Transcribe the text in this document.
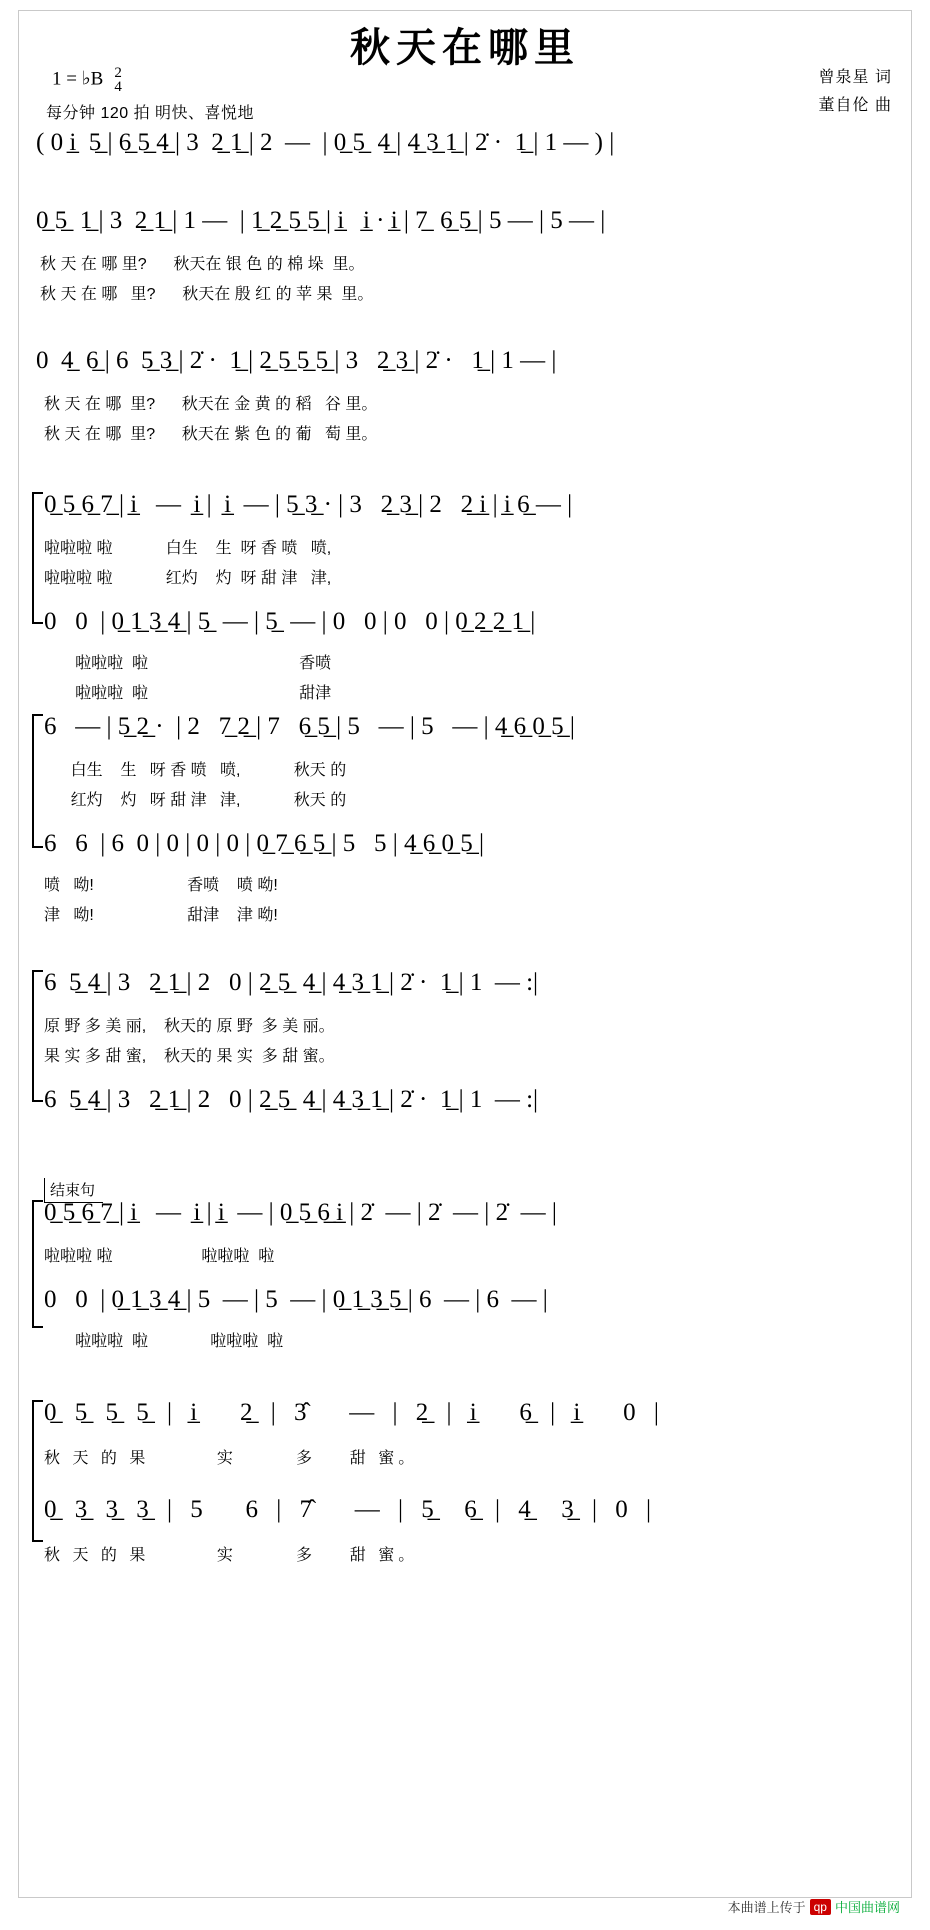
秋天在哪里
1 = ♭B 2
4
每分钟 120 拍 明快、喜悦地
曾泉星 词
董自伦 曲
( 0 i̲  5̲ | 6̲ 5̲ 4̲ | 3  2̲ 1̲ | 2  —  | 0̲ 5̲  4̲ | 4̲ 3̲ 1̲ | 2̇ ·  1̲ | 1 — ) |
0̲ 5̲  1̲ | 3  2̲ 1̲ | 1 —  | 1̲ 2̲ 5̲ 5̲ | i̲   i̲ · i̲ | 7̲  6̲ 5̲ | 5 — | 5 — |
秋 天 在 哪 里?      秋天在 银 色 的 棉 垛  里。
秋 天 在 哪   里?      秋天在 殷 红 的 苹 果  里。
0  4̲  6̲ | 6  5̲ 3̲ | 2̇ ·  1̲ | 2̲ 5̲ 5̲ 5̲ | 3   2̲ 3̲ | 2̇ ·   1̲ | 1 — |
秋 天 在 哪  里?      秋天在 金 黄 的 稻   谷 里。
秋 天 在 哪  里?      秋天在 紫 色 的 葡   萄 里。
0̲ 5̲ 6̲ 7̲ | i̲   —  i̲ |  i̲  — | 5̲ 3̲ · | 3   2̲ 3̲ | 2   2̲ i̲ | i̲ 6̲ — |
啦啦啦 啦            白生    生  呀 香 喷   喷,
啦啦啦 啦            红灼    灼  呀 甜 津   津,
0   0  | 0̲ 1̲ 3̲ 4̲ | 5̲  — | 5̲  — | 0   0 | 0   0 | 0̲ 2̲ 2̲ 1̲ |
啦啦啦  啦                                  香喷
啦啦啦  啦                                  甜津
6   — | 5̲ 2̲ ·  | 2   7̲ 2̲ | 7   6̲ 5̲ | 5   — | 5   — | 4̲ 6̲ 0̲ 5̲ |
白生    生   呀 香 喷   喷,            秋天 的
红灼    灼   呀 甜 津   津,            秋天 的
6   6  | 6  0 | 0 | 0 | 0 | 0̲ 7̲ 6̲ 5̲ | 5   5 | 4̲ 6̲ 0̲ 5̲ |
喷   呦!                     香喷    喷 呦!
津   呦!                     甜津    津 呦!
6  5̲ 4̲ | 3   2̲ 1̲ | 2   0 | 2̲ 5̲  4̲ | 4̲ 3̲ 1̲ | 2̇ ·  1̲ | 1  — :|
原 野 多 美 丽,    秋天的 原 野  多 美 丽。
果 实 多 甜 蜜,    秋天的 果 实  多 甜 蜜。
6  5̲ 4̲ | 3   2̲ 1̲ | 2   0 | 2̲ 5̲  4̲ | 4̲ 3̲ 1̲ | 2̇ ·  1̲ | 1  — :|
结束句
0̲ 5̲ 6̲ 7̲ | i̲   —  i̲ | i̲  — | 0̲ 5̲ 6̲ i̲ | 2̇  — | 2̇  — | 2̇  — |
啦啦啦 啦                    啦啦啦  啦
0   0  | 0̲ 1̲ 3̲ 4̲ | 5  — | 5  — | 0̲ 1̲ 3̲ 5̲ | 6  — | 6  — |
啦啦啦  啦              啦啦啦  啦
0̲ 5̲ 5̲ 5̲ | i̲   2̲ | 3̂   — | 2̲ | i̲   6̲ | i̲   0 |
秋 天 的 果        实       多    甜 蜜。
0̲ 3̲ 3̲ 3̲ | 5   6 | 7̂   — | 5̲  6̲ | 4̲  3̲ | 0 |
秋 天 的 果        实       多    甜 蜜。
本曲谱上传于 qp 中国曲谱网
